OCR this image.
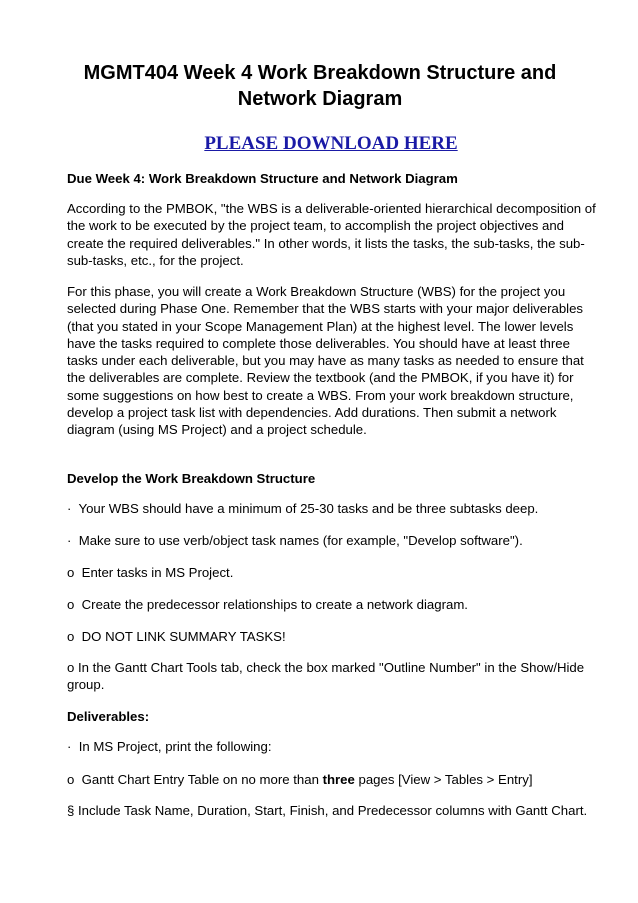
MGMT404 Week 4 Work Breakdown Structure and
Network Diagram
PLEASE DOWNLOAD HERE

Due Week 4: Work Breakdown Structure and Network Diagram

According to the PMBOK, "the WBS is a deliverable-oriented hierarchical decomposition of the work to be executed by the project team, to accomplish the project objectives and create the required deliverables." In other words, it lists the tasks, the sub-tasks, the sub-sub-tasks, etc., for the project.

For this phase, you will create a Work Breakdown Structure (WBS) for the project you selected during Phase One. Remember that the WBS starts with your major deliverables (that you stated in your Scope Management Plan) at the highest level. The lower levels have the tasks required to complete those deliverables. You should have at least three tasks under each deliverable, but you may have as many tasks as needed to ensure that the deliverables are complete. Review the textbook (and the PMBOK, if you have it) for some suggestions on how best to create a WBS. From your work breakdown structure, develop a project task list with dependencies. Add durations. Then submit a network diagram (using MS Project) and a project schedule.

Develop the Work Breakdown Structure

·  Your WBS should have a minimum of 25-30 tasks and be three subtasks deep.

·  Make sure to use verb/object task names (for example, "Develop software").

o  Enter tasks in MS Project.

o  Create the predecessor relationships to create a network diagram.

o  DO NOT LINK SUMMARY TASKS!

o In the Gantt Chart Tools tab, check the box marked "Outline Number" in the Show/Hide group.

Deliverables:

·  In MS Project, print the following:

o  Gantt Chart Entry Table on no more than three pages [View > Tables > Entry]

§ Include Task Name, Duration, Start, Finish, and Predecessor columns with Gantt Chart.
